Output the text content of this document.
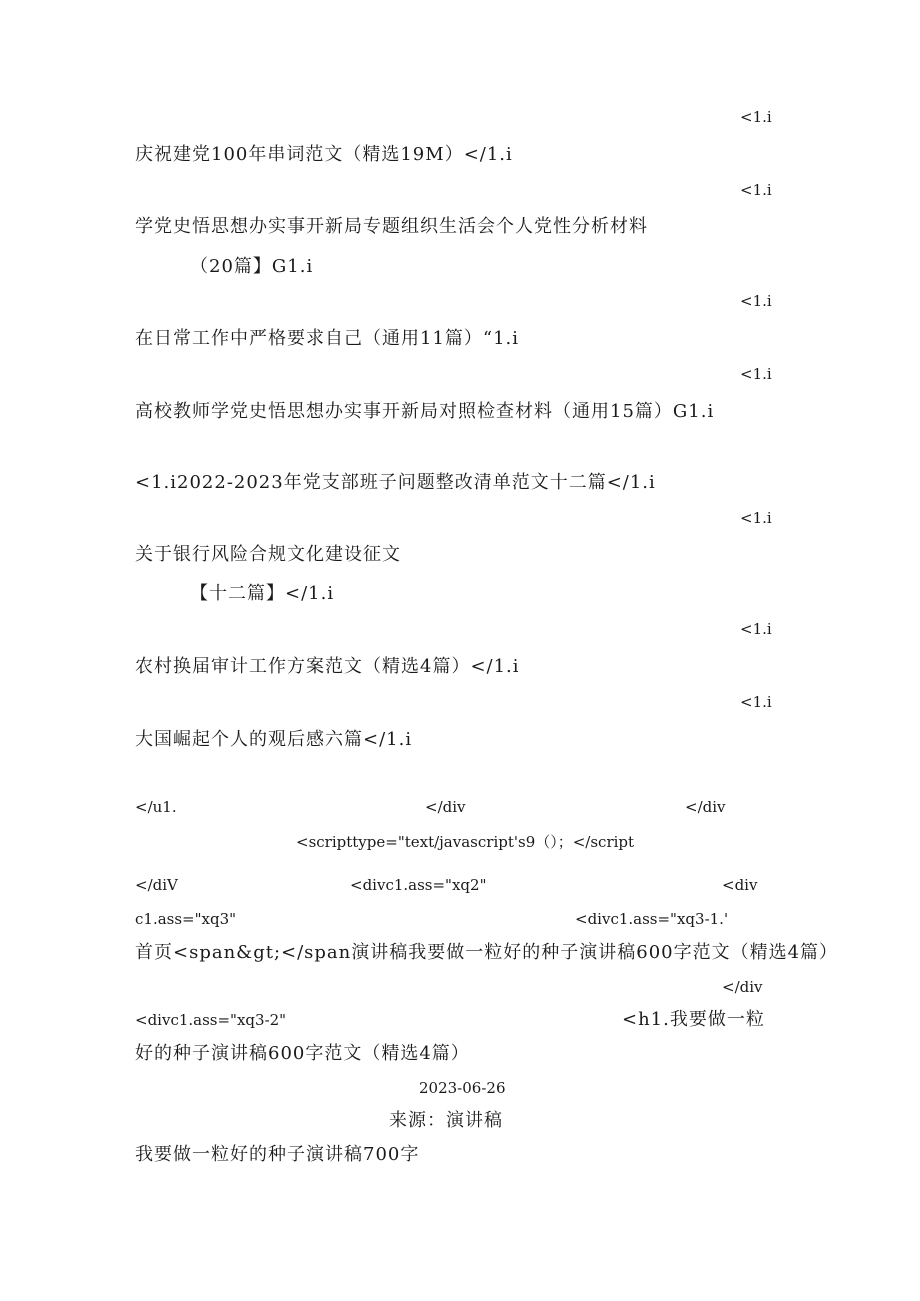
<1.i
庆祝建党100年串词范文（精选19M）</1.i
<1.i
学党史悟思想办实事开新局专题组织生活会个人党性分析材料
（20篇】G1.i
<1.i
在日常工作中严格要求自己（通用11篇）“1.i
<1.i
高校教师学党史悟思想办实事开新局对照检查材料（通用15篇）G1.i
<1.i2022-2023年党支部班子问题整改清单范文十二篇</1.i
<1.i
关于银行风险合规文化建设征文
【十二篇】</1.i
<1.i
农村换届审计工作方案范文（精选4篇）</1.i
<1.i
大国崛起个人的观后感六篇</1.i
</u1.	</div	</div
<scripttype="text/javascript's9（）；</script
</diV	<divc1.ass="xq2"	<div
c1.ass="xq3"	<divc1.ass="xq3-1.'
首页<span&gt;</span演讲稿我要做一粒好的种子演讲稿600字范文（精选4篇）
</div
<divc1.ass="xq3-2"	<h1.我要做一粒
好的种子演讲稿600字范文（精选4篇）
2023-06-26
来源：演讲稿
我要做一粒好的种子演讲稿700字
